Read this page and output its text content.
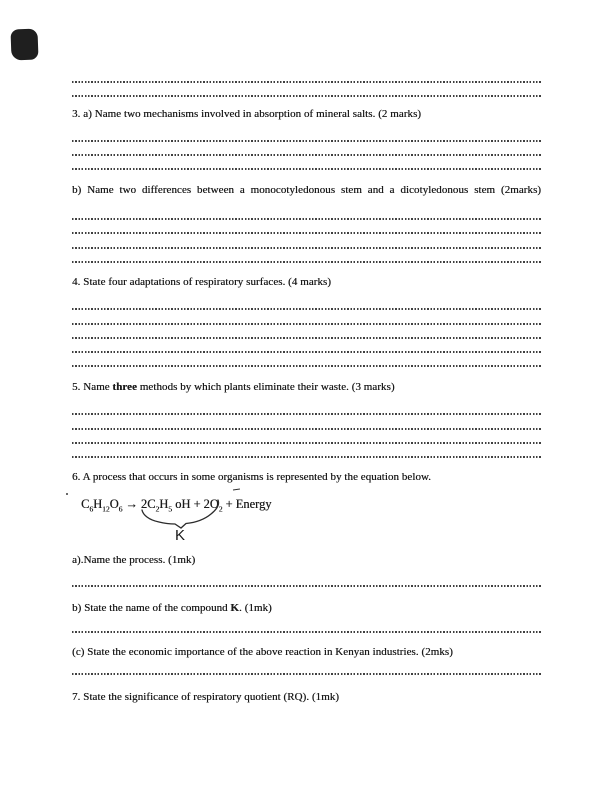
3. a) Name two mechanisms involved in absorption of mineral salts. (2 marks)
b) Name two differences between a monocotyledonous stem and a dicotyledonous stem (2marks)
4. State four adaptations of respiratory surfaces. (4 marks)
5. Name three methods by which plants eliminate their waste. (3 marks)
6. A process that occurs in some organisms is represented by the equation below.
$C_6H_{12}O_6 \to 2C_2H_5$ oH + $2O_2$ + Energy
K
a).Name the process. (1mk)
b) State the name of the compound K. (1mk)
(c) State the economic importance of the above reaction in Kenyan industries. (2mks)
7. State the significance of respiratory quotient (RQ). (1mk)
